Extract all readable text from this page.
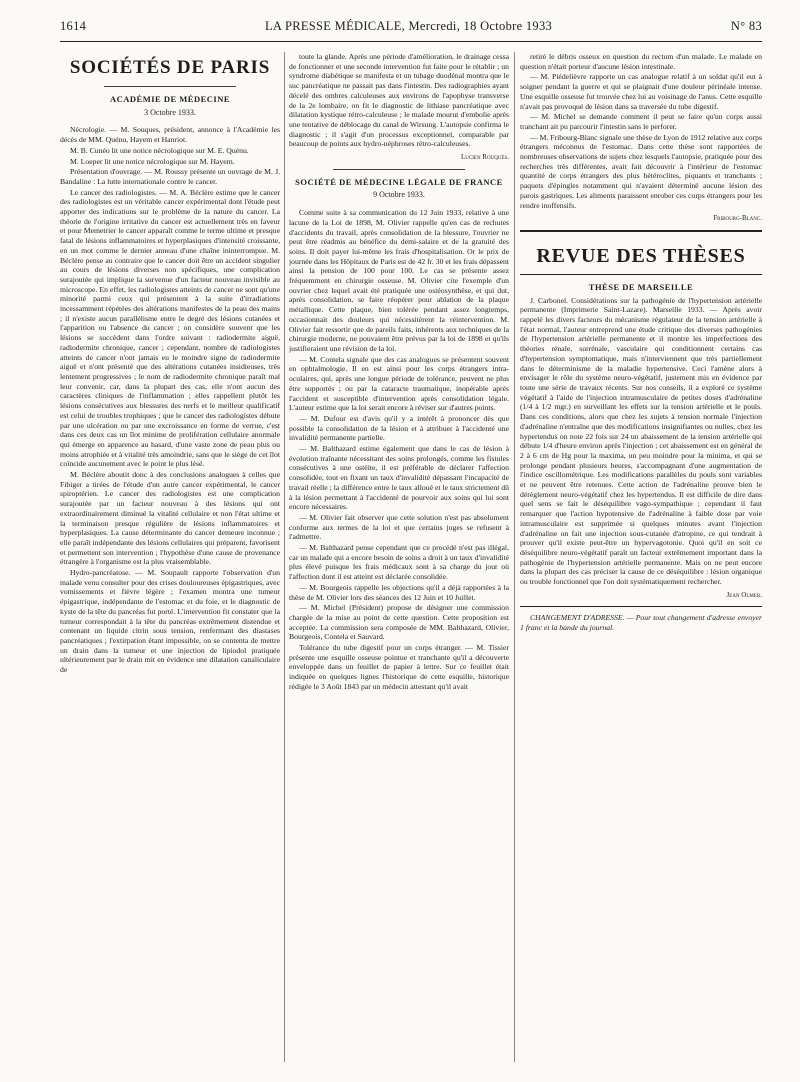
1614	LA PRESSE MÉDICALE, Mercredi, 18 Octobre 1933	N° 83
SOCIÉTÉS DE PARIS
ACADÉMIE DE MÉDECINE
3 Octobre 1933.

Nécrologie. — M. Souques, président, annonce à l'Académie les décès de MM. Quénu, Hayem et Hanriot.

M. B. Cunéo lit une notice nécrologique sur M. E. Quénu.

M. Loeper lit une notice nécrologique sur M. Hayem.

Présentation d'ouvrage. — M. Roussy présente un ouvrage de M. J. Bandaline : La lutte internationale contre le cancer.

Le cancer des radiologistes. — M. A. Béclère estime que le cancer des radiologistes est un véritable cancer expérimental dont l'étude peut apporter des indications sur le problème de la nature du cancer. La théorie de l'origine irritative du cancer est actuellement très en faveur et pour Memetrier le cancer apparaît comme le terme ultime et presque fatal de lésions inflammatoires et hyperplasiques d'intensité croissante, en un mot comme le dernier anneau d'une chaîne ininterrompue. M. Béclère pense au contraire que le cancer doit être un accident singulier au cours de lésions diverses non spécifiques, une complication surajoutée qui implique la survenue d'un facteur nouveau invisible au microscope. En effet, les radiologistes atteints de cancer ne sont qu'une minorité parmi ceux qui présentent à la suite d'irradiations incessamment répétées des altérations manifestes de la peau des mains ; il n'existe aucun parallélisme entre le degré des lésions cutanées et l'apparition ou l'absence du cancer ; on considère souvent que les lésions se succèdent dans l'ordre suivant : radiodermite aiguë, radiodermite chronique, cancer ; cependant, nombre de radiologistes atteints de cancer n'ont jamais eu le moindre signe de radiodermite aiguë et n'ont présenté que des altérations cutanées insidieuses, très lentement progressives ; le nom de radiodermite chronique paraît mal leur convenir, car, dans la plupart des cas, elle n'ont aucun des caractères cliniques de l'inflammation ; elles rappellent plutôt les lésions consécutives aux blessures des nerfs et le meilleur qualificatif est celui de troubles trophiques ; que le cancer des radiologistes débute par une ulcération ou par une excroissance en forme de verrue, c'est dans ces deux cas un îlot minime de prolifération cellulaire anormale qui émerge en apparence au hasard, d'une vaste zone de peau plus ou moins atrophiée et à vitalité très amoindrie, sans que le siège de cet îlot coïncide aucunement avec le point le plus lésé.

M. Béclère aboutit donc à des conclusions analogues à celles que Fibiger a tirées de l'étude d'un autre cancer expérimental, le cancer spiroptérien. Le cancer des radiologistes est une complication surajoutée par un facteur nouveau à des lésions qui ont extraordinairement diminué la vitalité cellulaire et non l'état ultime et la terminaison presque régulière de lésions inflammatoires et hyperplasiques. La cause déterminante du cancer demeure inconnue ; elle paraît indépendante des lésions cellulaires qui préparent, favorisent et permettent son intervention ; l'hypothèse d'une cause de provenance étrangère à l'organisme est la plus vraisemblable.

Hydro-pancréatose. — M. Soupault rapporte l'observation d'un malade venu consulter pour des crises douloureuses épigastriques, avec vomissements et fièvre légère ; l'examen montra une tumeur épigastrique, indépendante de l'estomac et du foie, et le diagnostic de kyste de la tête du pancréas fut porté. L'intervention fit constater que la tumeur correspondait à la tête du pancréas extrêmement distendue et contenant un liquide citrin sous tension, renfermant des diastases pancréatiques ; l'extirpation étant impossible, on se contenta de mettre un drain dans la tumeur et une injection de lipiodol pratiquée ultérieurement par le drain mit en évidence une dilatation canaliculaire de

toute la glande. Après une période d'amélioration, le drainage cessa de fonctionner et une seconde intervention fut faite pour le rétablir ; un syndrome diabétique se manifesta et un tubage duodénal montra que le suc pancréatique ne passait pas dans l'intestin. Des radiographies ayant décelé des ombres calculeuses aux environs de l'apophyse transverse de la 2e lombaire, on fit le diagnostic de lithiase pancréatique avec dilatation kystique rétro-calculeuse ; le malade mourut d'embolie après une tentative de déblocage du canal de Wirsung. L'autopsie confirma le diagnostic ; il s'agit d'un processus exceptionnel, comparable par beaucoup de points aux hydro-néphroses rétro-calculeuses.

Lucien Rouquès.
SOCIÉTÉ DE MÉDECINE LÉGALE DE FRANCE
9 Octobre 1933.

Comme suite à sa communication du 12 Juin 1933, relative à une lacune de la Loi de 1898, M. Olivier rappelle qu'en cas de rechutes d'accidents du travail, après consolidation de la blessure, l'ouvrier ne peut être réadmis au bénéfice du demi-salaire et de la gratuité des soins. Il doit payer lui-même les frais d'hospitalisation. Or le prix de journée dans les Hôpitaux de Paris est de 42 fr. 30 et les frais dépassent ainsi la pension de 100 pour 100. Le cas se présente assez fréquemment en chirurgie osseuse. M. Olivier cite l'exemple d'un ouvrier chez lequel avait été pratiquée une ostéosynthèse, et qui dut, après consolidation, se faire réopérer pour ablation de la plaque métallique. Cette plaque, bien tolérée pendant assez longtemps, occasionnait des douleurs qui nécessitèrent la réintervention. M. Olivier fait ressortir que de pareils faits, inhérents aux techniques de la chirurgie moderne, ne pouvaient être prévus par la loi de 1898 et qu'ils justifieraient une révision de la loi.

— M. Contela signale que des cas analogues se présentent souvent en ophtalmologie. Il en est ainsi pour les corps étrangers intra-oculaires, qui, après une longue période de tolérance, peuvent ne plus être supportés ; ou par la cataracte traumatique, inopérable après l'accident et susceptible d'intervention après consolidation légale. L'auteur estime que la loi serait encore à réviser sur d'autres points.

— M. Dufour est d'avis qu'il y a intérêt à prononcer dès que possible la consolidation de la lésion et à attribuer à l'accidenté une invalidité permanente partielle.

— M. Balthazard estime également que dans le cas de lésion à évolution traînante nécessitant des soins prolongés, comme les fistules consécutives à une ostéite, il est préférable de déclarer l'affection consolidée, tout en fixant un taux d'invalidité dépassant l'incapacité de travail réelle ; la différence entre le taux alloué et le taux strictement dû à la lésion permettant à l'accidenté de pourvoir aux soins qui lui sont encore nécessaires.

— M. Olivier fait observer que cette solution n'est pas absolument conforme aux termes de la loi et que certains juges se refusent à l'admettre.

— M. Balthazard pense cependant que ce procédé n'est pas illégal, car un malade qui a encore besoin de soins a droit à un taux d'invalidité plus élevé puisque les frais médicaux sont à sa charge du jour où l'affection dont il est atteint est déclarée consolidée.

— M. Bourgeois rappelle les objections qu'il a déjà rapportées à la thèse de M. Olivier lors des séances des 12 Juin et 10 Juillet.

— M. Michel (Président) propose de désigner une commission chargée de la mise au point de cette question. Cette proposition est acceptée. La commission sera composée de MM. Balthazard, Olivier, Bourgeois, Contela et Sauvard.

Tolérance du tube digestif pour un corps étranger. — M. Tissier présente une esquille osseuse pointue et tranchante qu'il a découverte enveloppée dans un feuillet de papier à lettre. Sur ce feuillet était indiquée en quelques lignes l'historique de cette esquille, historique rédigée le 3 Août 1843 par un médecin attestant qu'il avait

retiré le débris osseux en question du rectum d'un malade. Le malade en question n'était porteur d'aucune lésion intestinale.

— M. Piédelièvre rapporte un cas analogue relatif à un soldat qu'il eut à soigner pendant la guerre et qui se plaignait d'une douleur périnéale intense. Une esquille osseuse fut trouvée chez lui au voisinage de l'anus. Cette esquille n'avait pas provoqué de lésion dans sa traversée du tube digestif.

— M. Michel se demande comment il peut se faire qu'un corps aussi tranchant ait pu parcourir l'intestin sans le perforer.

— M. Fribourg-Blanc signale une thèse de Lyon de 1912 relative aux corps étrangers méconnus de l'estomac. Dans cette thèse sont rapportées de nombreuses observations de sujets chez lesquels l'autopsie, pratiquée pour des recherches très différentes, avait fait découvrir à l'intérieur de l'estomac quantité de corps étrangers des plus hétéroclites, piquants et tranchants ; paquets d'épingles notamment qui n'avaient déterminé aucune lésion des parois gastriques. Les aliments paraissent enrober ces corps étrangers pour les rendre inoffensifs.

Fribourg-Blanc.
REVUE DES THÈSES
THÈSE DE MARSEILLE

J. Carbonel. Considérations sur la pathogénie de l'hypertension artérielle permanente (Imprimerie Saint-Lazare). Marseille 1933. — Après avoir rappelé les divers facteurs du mécanisme régulateur de la tension artérielle à l'état normal, l'auteur entreprend une étude critique des diverses pathogénies de l'hypertension artérielle permanente et il montre les imperfections des théories rénale, surrénale, vasculaire qui conditionnent certains cas d'hypertension symptomatique, mais n'interviennent que très partiellement dans le déterminisme de la maladie hypertensive. Ceci l'amène alors à envisager le rôle du système neuro-végétatif, justement mis en évidence par toute une série de travaux récents. Sur nos conseils, il a exploré ce système végétatif à l'aide de l'injection intramusculaire de petites doses d'adrénaline (1/4 à 1/2 mgr.) en surveillant les effets sur la tension artérielle et le pouls. Dans ces conditions, alors que chez les sujets à tension normale l'injection d'adrénaline n'entraîne que des modifications insignifiantes ou nulles, chez les hypertendus on note 22 fois sur 24 un abaissement de la tension artérielle qui débute 1/4 d'heure environ après l'injection ; cet abaissement est en général de 2 à 6 cm de Hg pour la maxima, un peu moindre pour la minima, et qui se prolonge pendant plusieurs heures, s'accompagnant d'une augmentation de l'indice oscillométrique. Les modifications parallèles du pouls sont variables et ne peuvent être retenues. Cette action de l'adrénaline prouve bien le dérèglement neuro-végétatif chez les hypertendus. Il est difficile de dire dans quel sens se fait le déséquilibre vago-sympathique ; cependant il faut remarquer que l'action hypotensive de l'adrénaline à faible dose par voie intramusculaire est supprimée si quelques minutes avant l'injection d'adrénaline on fait une injection sous-cutanée d'atropine, ce qui tendrait à prouver qu'il existe peut-être un hypervagotonie. Quoi qu'il en soit ce déséquilibre neuro-végétatif paraît un facteur extrêmement important dans la pathogénie de l'hypertension artérielle permanente. Mais on ne peut encore dans la plupart des cas préciser la cause de ce déséquilibre : lésion organique ou trouble fonctionnel que l'on doit systématiquement rechercher.

Jean Olmer.

CHANGEMENT D'ADRESSE. — Pour tout changement d'adresse envoyer 1 franc et la bande du journal.
